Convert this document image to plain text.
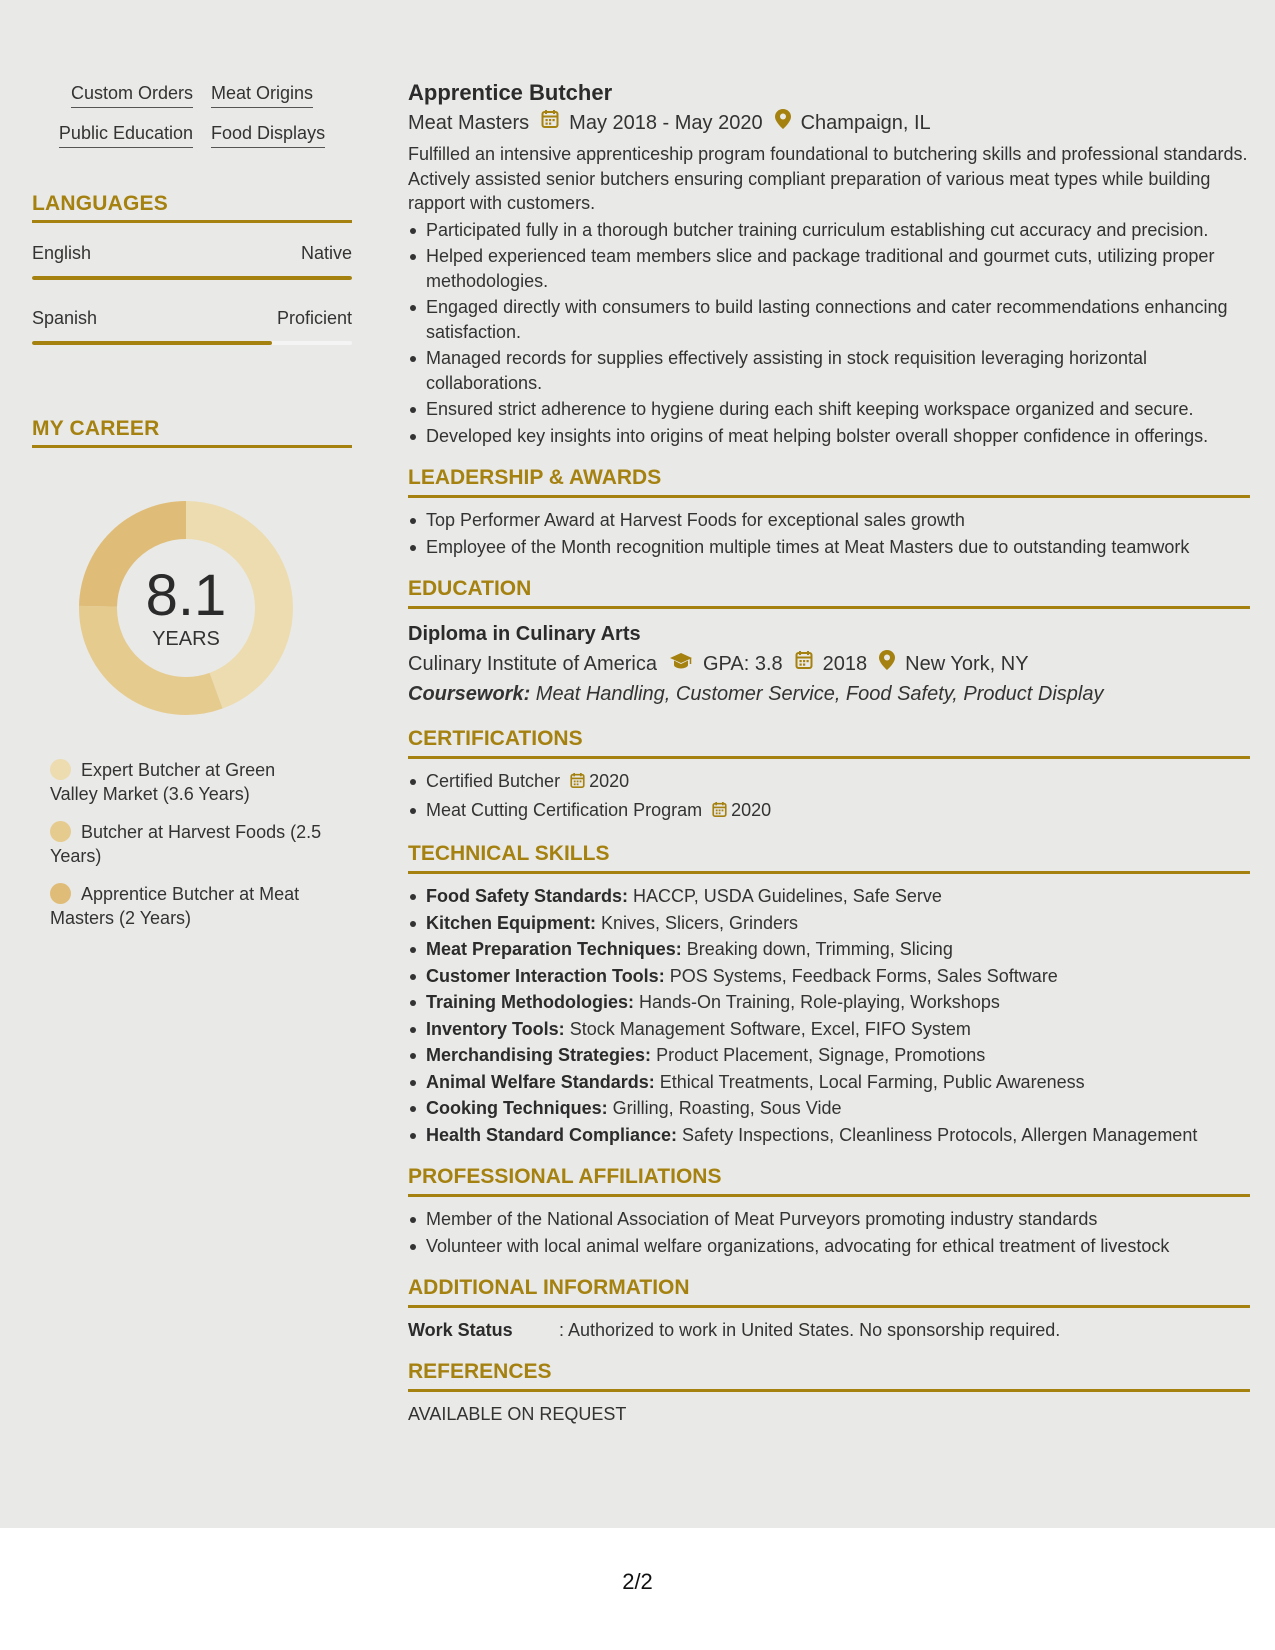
Custom Orders Meat Origins
Public Education Food Displays
LANGUAGES
English	Native
Spanish	Proficient
MY CAREER
8.1
YEARS
Expert Butcher at Green Valley Market (3.6 Years)
Butcher at Harvest Foods (2.5 Years)
Apprentice Butcher at Meat Masters (2 Years)
Apprentice Butcher
Meat Masters May 2018 - May 2020 Champaign, IL

Fulfilled an intensive apprenticeship program foundational to butchering skills and professional standards. Actively assisted senior butchers ensuring compliant preparation of various meat types while building rapport with customers.

Participated fully in a thorough butcher training curriculum establishing cut accuracy and precision.
Helped experienced team members slice and package traditional and gourmet cuts, utilizing proper methodologies.
Engaged directly with consumers to build lasting connections and cater recommendations enhancing satisfaction.
Managed records for supplies effectively assisting in stock requisition leveraging horizontal collaborations.
Ensured strict adherence to hygiene during each shift keeping workspace organized and secure.
Developed key insights into origins of meat helping bolster overall shopper confidence in offerings.
LEADERSHIP & AWARDS
Top Performer Award at Harvest Foods for exceptional sales growth
Employee of the Month recognition multiple times at Meat Masters due to outstanding teamwork
EDUCATION
Diploma in Culinary Arts
Culinary Institute of America GPA: 3.8 2018 New York, NY
Coursework: Meat Handling, Customer Service, Food Safety, Product Display
CERTIFICATIONS
Certified Butcher 2020
Meat Cutting Certification Program 2020
TECHNICAL SKILLS
Food Safety Standards: HACCP, USDA Guidelines, Safe Serve
Kitchen Equipment: Knives, Slicers, Grinders
Meat Preparation Techniques: Breaking down, Trimming, Slicing
Customer Interaction Tools: POS Systems, Feedback Forms, Sales Software
Training Methodologies: Hands-On Training, Role-playing, Workshops
Inventory Tools: Stock Management Software, Excel, FIFO System
Merchandising Strategies: Product Placement, Signage, Promotions
Animal Welfare Standards: Ethical Treatments, Local Farming, Public Awareness
Cooking Techniques: Grilling, Roasting, Sous Vide
Health Standard Compliance: Safety Inspections, Cleanliness Protocols, Allergen Management
PROFESSIONAL AFFILIATIONS
Member of the National Association of Meat Purveyors promoting industry standards
Volunteer with local animal welfare organizations, advocating for ethical treatment of livestock
ADDITIONAL INFORMATION
Work Status	: Authorized to work in United States. No sponsorship required.
REFERENCES
AVAILABLE ON REQUEST
2/2
